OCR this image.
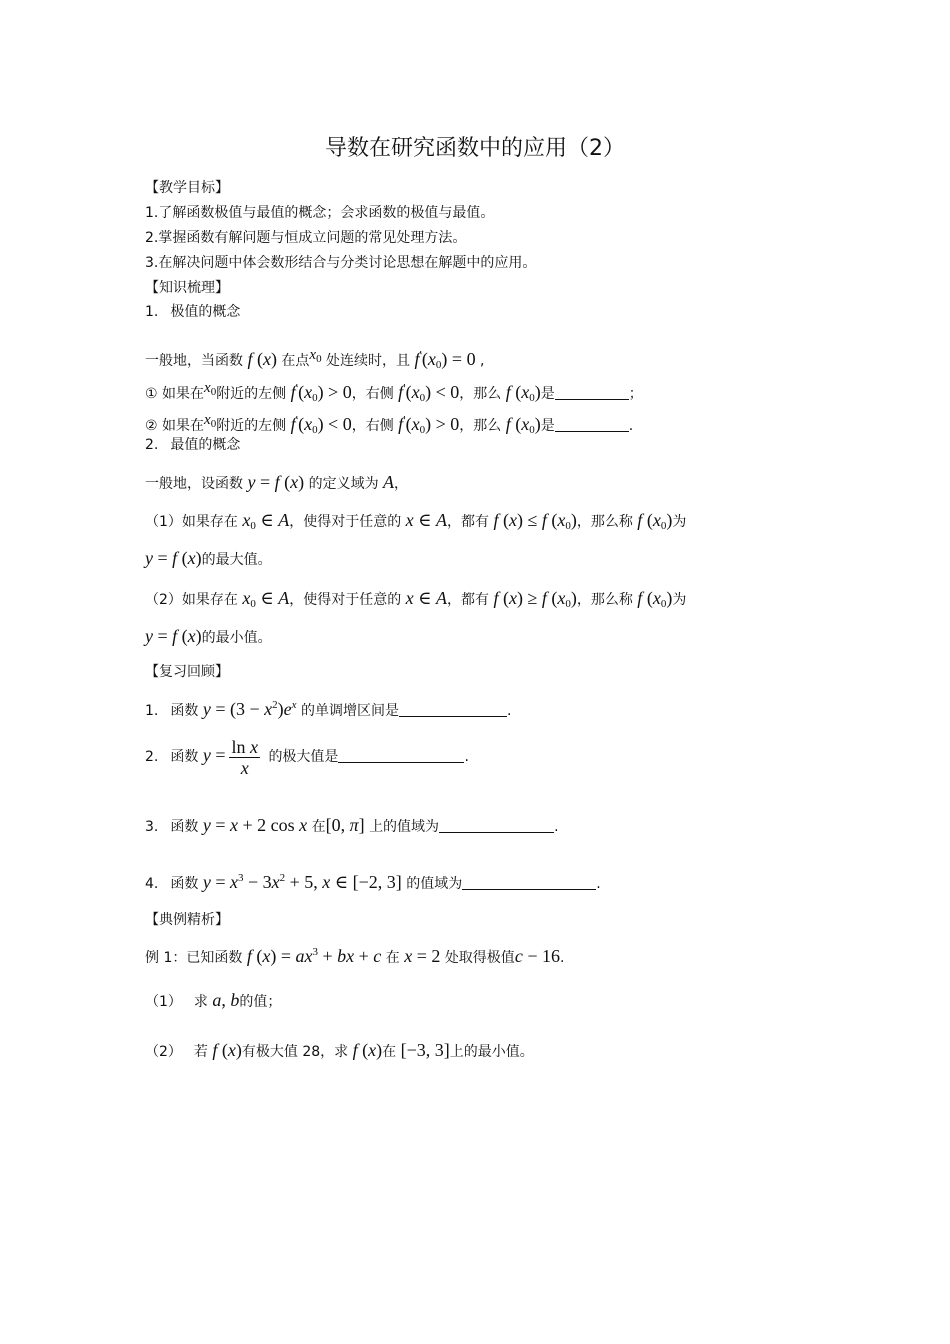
导数在研究函数中的应用（2）
【教学目标】
1.了解函数极值与最值的概念；会求函数的极值与最值。
2.掌握函数有解问题与恒成立问题的常见处理方法。
3.在解决问题中体会数形结合与分类讨论思想在解题中的应用。
【知识梳理】
1. 极值的概念
一般地，当函数 f (x) 在点$x_0$ 处连续时，且 $f'(x_0) = 0$ ,
① 如果在$x_0$附近的左侧 $f'(x_0) > 0$，右侧 $f'(x_0) < 0$，那么 f $(x_0)$是	；
② 如果在$x_0$附近的左侧 $f'(x_0) < 0$，右侧 $f'(x_0) > 0$，那么 f $(x_0)$是	.
2. 最值的概念
一般地，设函数 y = f (x) 的定义域为 A，
（1）如果存在 $x_0$ ∈ A，使得对于任意的 x ∈ A，都有 f (x) ≤ f $(x_0)$，那么称 f $(x_0)$为
y = f (x)的最大值。
（2）如果存在 $x_0$ ∈ A，使得对于任意的 x ∈ A，都有 f (x) ≥ f $(x_0)$，那么称 f $(x_0)$为
y = f (x)的最小值。
【复习回顾】
1. 函数 $y = (3 - x^2)e^x$ 的单调增区间是	.
2. 函数 $y = \frac{\text{ln x}}{x}$ 的极大值是	.
3. 函数 y = x + 2 cos x 在[0, π] 上的值域为	.
4. 函数 $y = x^3 - 3x^2 + 5$, x ∈ [−2, 3] 的值域为	.
【典例精析】
例 1：已知函数 f $(x) = ax^3$ + bx + c 在 x = 2 处取得极值c − 16.
（1） 求 a, b的值；
（2） 若 f (x)有极大值 28，求 f (x)在 [−3, 3]上的最小值。
